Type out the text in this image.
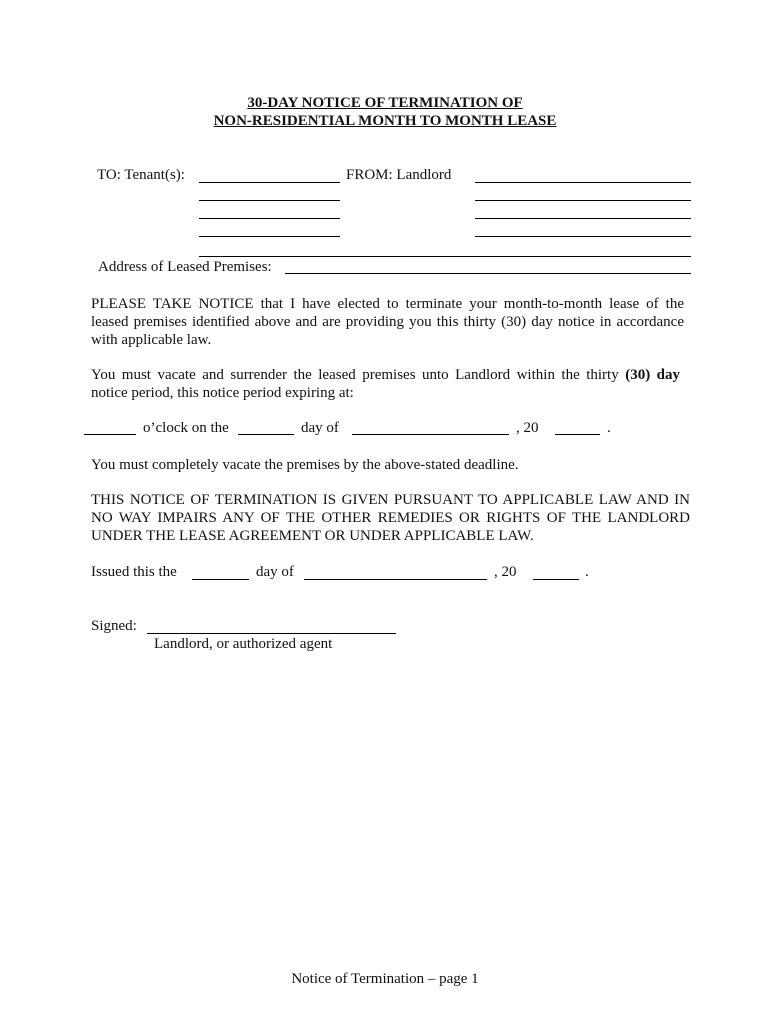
30-DAY NOTICE OF TERMINATION OF
NON-RESIDENTIAL MONTH TO MONTH LEASE
TO: Tenant(s):	FROM: Landlord
Address of Leased Premises:
PLEASE TAKE NOTICE that I have elected to terminate your month-to-month lease of the
leased premises identified above and are providing you this thirty (30) day notice in accordance
with applicable law.
You must vacate and surrender the leased premises unto Landlord within the thirty (30) day
notice period, this notice period expiring at:
o’clock on the	day of	, 20	.
You must completely vacate the premises by the above-stated deadline.
THIS NOTICE OF TERMINATION IS GIVEN PURSUANT TO APPLICABLE LAW AND IN
NO WAY IMPAIRS ANY OF THE OTHER REMEDIES OR RIGHTS OF THE LANDLORD
UNDER THE LEASE AGREEMENT OR UNDER APPLICABLE LAW.
Issued this the	day of	, 20	.
Signed:
Landlord, or authorized agent
Notice of Termination – page 1
